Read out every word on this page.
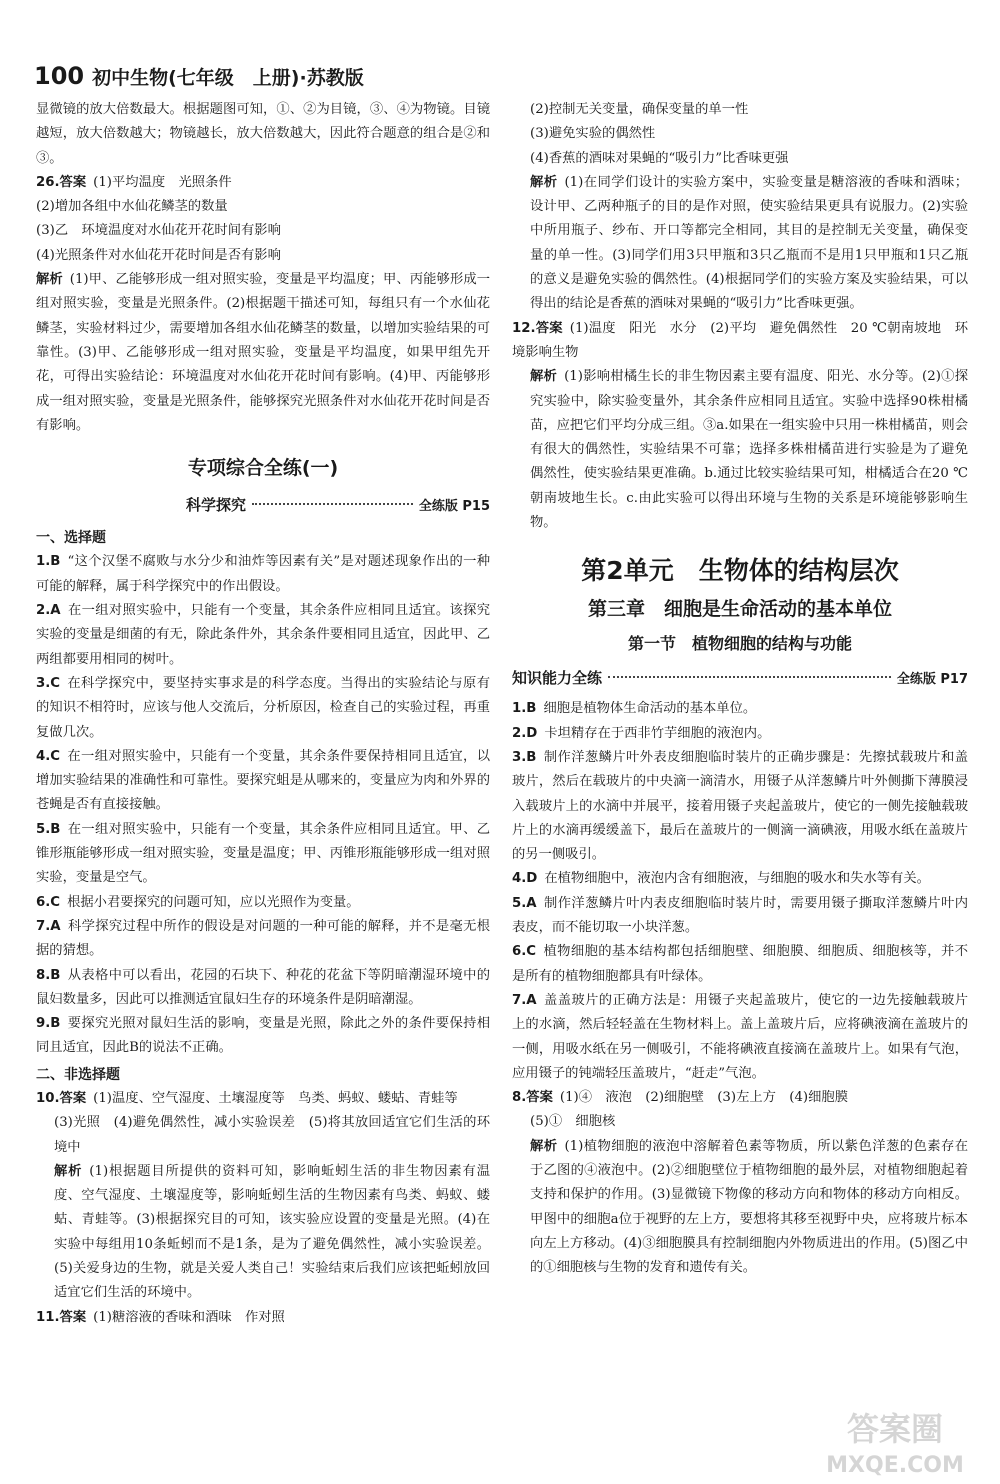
100 初中生物(七年级　上册)·苏教版

显微镜的放大倍数最大。根据题图可知，①、②为目镜，③、④为物镜。目镜越短，放大倍数越大；物镜越长，放大倍数越大，因此符合题意的组合是②和③。

26.答案 (1)平均温度　光照条件

(2)增加各组中水仙花鳞茎的数量

(3)乙　环境温度对水仙花开花时间有影响

(4)光照条件对水仙花开花时间是否有影响

解析 (1)甲、乙能够形成一组对照实验，变量是平均温度；甲、丙能够形成一组对照实验，变量是光照条件。(2)根据题干描述可知，每组只有一个水仙花鳞茎，实验材料过少，需要增加各组水仙花鳞茎的数量，以增加实验结果的可靠性。(3)甲、乙能够形成一组对照实验，变量是平均温度，如果甲组先开花，可得出实验结论：环境温度对水仙花开花时间有影响。(4)甲、丙能够形成一组对照实验，变量是光照条件，能够探究光照条件对水仙花开花时间是否有影响。

专项综合全练(一)
科学探究	全练版 P15
一、选择题

1.B “这个汉堡不腐败与水分少和油炸等因素有关”是对题述现象作出的一种可能的解释，属于科学探究中的作出假设。

2.A 在一组对照实验中，只能有一个变量，其余条件应相同且适宜。该探究实验的变量是细菌的有无，除此条件外，其余条件要相同且适宜，因此甲、乙两组都要用相同的树叶。

3.C 在科学探究中，要坚持实事求是的科学态度。当得出的实验结论与原有的知识不相符时，应该与他人交流后，分析原因，检查自己的实验过程，再重复做几次。

4.C 在一组对照实验中，只能有一个变量，其余条件要保持相同且适宜，以增加实验结果的准确性和可靠性。要探究蛆是从哪来的，变量应为肉和外界的苍蝇是否有直接接触。

5.B 在一组对照实验中，只能有一个变量，其余条件应相同且适宜。甲、乙锥形瓶能够形成一组对照实验，变量是温度；甲、丙锥形瓶能够形成一组对照实验，变量是空气。

6.C 根据小君要探究的问题可知，应以光照作为变量。

7.A 科学探究过程中所作的假设是对问题的一种可能的解释，并不是毫无根据的猜想。

8.B 从表格中可以看出，花园的石块下、种花的花盆下等阴暗潮湿环境中的鼠妇数量多，因此可以推测适宜鼠妇生存的环境条件是阴暗潮湿。

9.B 要探究光照对鼠妇生活的影响，变量是光照，除此之外的条件要保持相同且适宜，因此B的说法不正确。

二、非选择题

10.答案 (1)温度、空气湿度、土壤湿度等　鸟类、蚂蚁、蝼蛄、青蛙等

(3)光照　(4)避免偶然性，减小实验误差　(5)将其放回适宜它们生活的环境中

解析 (1)根据题目所提供的资料可知，影响蚯蚓生活的非生物因素有温度、空气湿度、土壤湿度等，影响蚯蚓生活的生物因素有鸟类、蚂蚁、蝼蛄、青蛙等。(3)根据探究目的可知，该实验应设置的变量是光照。(4)在实验中每组用10条蚯蚓而不是1条，是为了避免偶然性，减小实验误差。(5)关爱身边的生物，就是关爱人类自己！实验结束后我们应该把蚯蚓放回适宜它们生活的环境中。

11.答案 (1)糖溶液的香味和酒味　作对照

(2)控制无关变量，确保变量的单一性

(3)避免实验的偶然性

(4)香蕉的酒味对果蝇的“吸引力”比香味更强

解析 (1)在同学们设计的实验方案中，实验变量是糖溶液的香味和酒味；设计甲、乙两种瓶子的目的是作对照，使实验结果更具有说服力。(2)实验中所用瓶子、纱布、开口等都完全相同，其目的是控制无关变量，确保变量的单一性。(3)同学们用3只甲瓶和3只乙瓶而不是用1只甲瓶和1只乙瓶的意义是避免实验的偶然性。(4)根据同学们的实验方案及实验结果，可以得出的结论是香蕉的酒味对果蝇的“吸引力”比香味更强。

12.答案 (1)温度　阳光　水分　(2)平均　避免偶然性　20 ℃朝南坡地　环境影响生物

解析 (1)影响柑橘生长的非生物因素主要有温度、阳光、水分等。(2)①探究实验中，除实验变量外，其余条件应相同且适宜。实验中选择90株柑橘苗，应把它们平均分成三组。③a.如果在一组实验中只用一株柑橘苗，则会有很大的偶然性，实验结果不可靠；选择多株柑橘苗进行实验是为了避免偶然性，使实验结果更准确。b.通过比较实验结果可知，柑橘适合在20 ℃朝南坡地生长。c.由此实验可以得出环境与生物的关系是环境能够影响生物。

第2单元　生物体的结构层次
第三章　细胞是生命活动的基本单位
第一节　植物细胞的结构与功能
知识能力全练	全练版 P17

1.B 细胞是植物体生命活动的基本单位。

2.D 卡坦精存在于西非竹芋细胞的液泡内。

3.B 制作洋葱鳞片叶外表皮细胞临时装片的正确步骤是：先擦拭载玻片和盖玻片，然后在载玻片的中央滴一滴清水，用镊子从洋葱鳞片叶外侧撕下薄膜浸入载玻片上的水滴中并展平，接着用镊子夹起盖玻片，使它的一侧先接触载玻片上的水滴再缓缓盖下，最后在盖玻片的一侧滴一滴碘液，用吸水纸在盖玻片的另一侧吸引。

4.D 在植物细胞中，液泡内含有细胞液，与细胞的吸水和失水等有关。

5.A 制作洋葱鳞片叶内表皮细胞临时装片时，需要用镊子撕取洋葱鳞片叶内表皮，而不能切取一小块洋葱。

6.C 植物细胞的基本结构都包括细胞壁、细胞膜、细胞质、细胞核等，并不是所有的植物细胞都具有叶绿体。

7.A 盖盖玻片的正确方法是：用镊子夹起盖玻片，使它的一边先接触载玻片上的水滴，然后轻轻盖在生物材料上。盖上盖玻片后，应将碘液滴在盖玻片的一侧，用吸水纸在另一侧吸引，不能将碘液直接滴在盖玻片上。如果有气泡，应用镊子的钝端轻压盖玻片，“赶走”气泡。

8.答案 (1)④　液泡　(2)细胞壁　(3)左上方　(4)细胞膜

(5)①　细胞核

解析 (1)植物细胞的液泡中溶解着色素等物质，所以紫色洋葱的色素存在于乙图的④液泡中。(2)②细胞壁位于植物细胞的最外层，对植物细胞起着支持和保护的作用。(3)显微镜下物像的移动方向和物体的移动方向相反。甲图中的细胞a位于视野的左上方，要想将其移至视野中央，应将玻片标本向左上方移动。(4)③细胞膜具有控制细胞内外物质进出的作用。(5)图乙中的①细胞核与生物的发育和遗传有关。

答案圈
MXQE.COM
